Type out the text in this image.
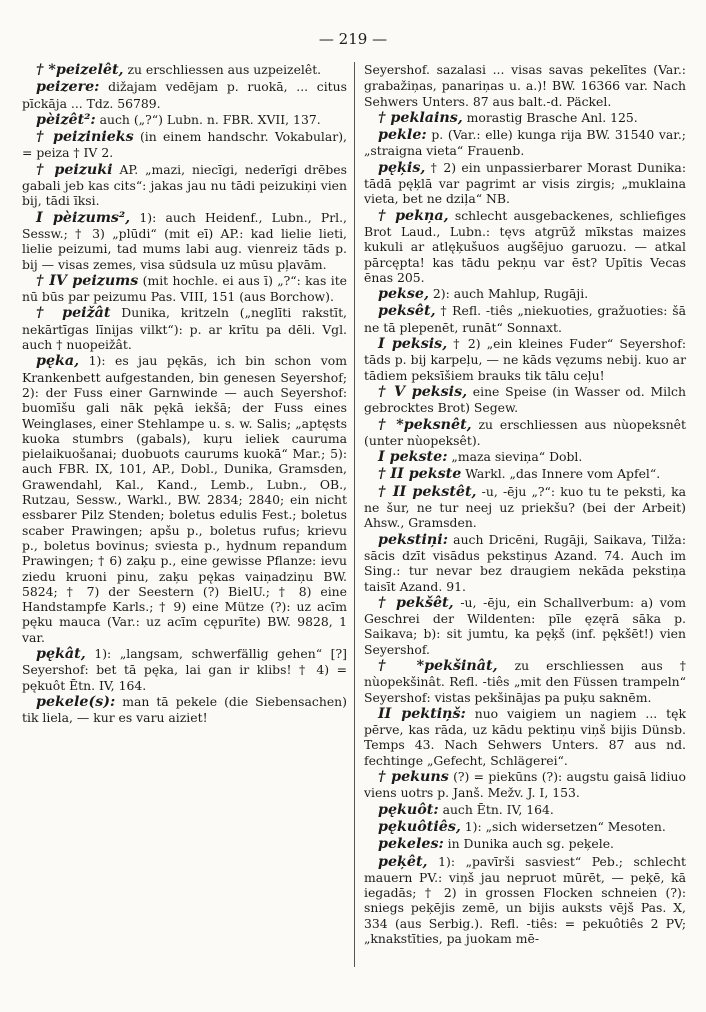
— 219 —

† *peizelêt, zu erschliessen aus uzpeizelêt.

peizere: dižajam vedējam p. ruokā, ... citus pīckāja ... Tdz. 56789.

pèizêt²: auch („?“) Lubn. n. FBR. XVII, 137.

† peizinieks (in einem handschr. Vokabular), = peiza † IV 2.

† peizuki AP. „mazi, niecīgi, nederīgi drēbes gabali jeb kas cits“: jakas jau nu tādi peizukiņi vien bij, tādi īksi.

I pèizums², 1): auch Heidenf., Lubn., Prl., Sessw.; † 3) „plūdi“ (mit eī) AP.: kad lielie lieti, lielie peizumi, tad mums labi aug. vienreiz tāds p. bij — visas zemes, visa sūdsula uz mūsu pļavām.

† IV peizums (mit hochle. ei aus ī) „?“: kas ite nū būs par peizumu Pas. VIII, 151 (aus Borchow).

† peižât Dunika, kritzeln („neglīti rakstīt, nekārtīgas līnijas vilkt“): p. ar krītu pa dēli. Vgl. auch † nuopeižât.

pęka, 1): es jau pękās, ich bin schon vom Krankenbett aufgestanden, bin genesen Seyershof; 2): der Fuss einer Garnwinde — auch Seyershof: buomīšu gali nāk pękā iekšā; der Fuss eines Weinglases, einer Stehlampe u. s. w. Salis; „aptęsts kuoka stumbrs (gabals), kuŗu ieliek cauruma pielaikuošanai; duobuots caurums kuokā“ Mar.; 5): auch FBR. IX, 101, AP., Dobl., Dunika, Gramsden, Grawendahl, Kal., Kand., Lemb., Lubn., OB., Rutzau, Sessw., Warkl., BW. 2834; 2840; ein nicht essbarer Pilz Stenden; boletus edulis Fest.; boletus scaber Prawingen; apšu p., boletus rufus; krievu p., boletus bovinus; sviesta p., hydnum repandum Prawingen; † 6) zaķu p., eine gewisse Pflanze: ievu ziedu kruoni pinu, zaķu pękas vaiņadziņu BW. 5824; † 7) der Seestern (?) BielU.; † 8) eine Handstampfe Karls.; † 9) eine Mütze (?): uz acīm pęku mauca (Var.: uz acīm cępurīte) BW. 9828, 1 var.

pękât, 1): „langsam, schwerfällig gehen“ [?] Seyershof: bet tā pęka, lai gan ir klibs! † 4) = pękuôt Ētn. IV, 164.

pekele(s): man tā pekele (die Siebensachen) tik liela, — kur es varu aiziet!

Seyershof. sazalasi ... visas savas pekelītes (Var.: grabažiņas, panariņas u. a.)! BW. 16366 var. Nach Sehwers Unters. 87 aus balt.-d. Päckel.

† peklains, morastig Brasche Anl. 125.

pekle: p. (Var.: elle) kunga rija BW. 31540 var.; „straigna vieta“ Frauenb.

pęķis, † 2) ein unpassierbarer Morast Dunika: tādā pęķlā var pagrimt ar visis zirgis; „muklaina vieta, bet ne dziļa“ NB.

† pekņa, schlecht ausgebackenes, schliefiges Brot Laud., Lubn.: tęvs atgrūž mīkstas maizes kukuli ar atlęķušuos augšējuo garuozu. — atkal pārcępta! kas tādu pekņu var ēst? Upītis Vecas ēnas 205.

pekse, 2): auch Mahlup, Rugāji.

peksêt, † Refl. -tiês „niekuoties, gražuoties: šā ne tā plepenēt, runāt“ Sonnaxt.

I peksis, † 2) „ein kleines Fuder“ Seyershof: tāds p. bij karpeļu, — ne kāds vęzums nebij. kuo ar tādiem peksīšiem brauks tik tālu ceļu!

† V peksis, eine Speise (in Wasser od. Milch gebrocktes Brot) Segew.

† *peksnêt, zu erschliessen aus nùopeksnêt (unter nùopeksêt).

I pekste: „maza sieviņa“ Dobl.

† II pekste Warkl. „das Innere vom Apfel“.

† II pekstêt, -u, -ēju „?“: kuo tu te peksti, ka ne šur, ne tur neej uz priekšu? (bei der Arbeit) Ahsw., Gramsden.

pekstiņi: auch Dricēni, Rugāji, Saikava, Tilža: sācis dzīt visādus pekstiņus Azand. 74. Auch im Sing.: tur nevar bez draugiem nekāda pekstiņa taisīt Azand. 91.

† pekšêt, -u, -ēju, ein Schallverbum: a) vom Geschrei der Wildenten: pīle ęzęrā sāka p. Saikava; b): sit jumtu, ka pęķš (inf. pękšēt!) vien Seyershof.

† *pekšinât, zu erschliessen aus † nùopekšinât. Refl. -tiês „mit den Füssen trampeln“ Seyershof: vistas pekšinājas pa puķu saknēm.

II pektiņš: nuo vaigiem un nagiem ... tęk pērve, kas rāda, uz kādu pektiņu viņš bijis Dünsb. Temps 43. Nach Sehwers Unters. 87 aus nd. fechtinge „Gefecht, Schlägerei“.

† pekuns (?) = piekūns (?): augstu gaisā lidiuo viens uotrs p. Janš. Mežv. J. I, 153.

pękuôt: auch Ētn. IV, 164.

pękuôtiês, 1): „sich widersetzen“ Mesoten.

pekeles: in Dunika auch sg. peķele.

peķêt, 1): „pavīrši sasviest“ Peb.; schlecht mauern PV.: viņš jau nepruot mūrēt, — peķē, kā iegadās; † 2) in grossen Flocken schneien (?): sniegs peķējis zemē, un bijis auksts vējš Pas. X, 334 (aus Serbig.). Refl. -tiês: = pekuôtiês 2 PV; „knakstīties, pa juokam mē-
